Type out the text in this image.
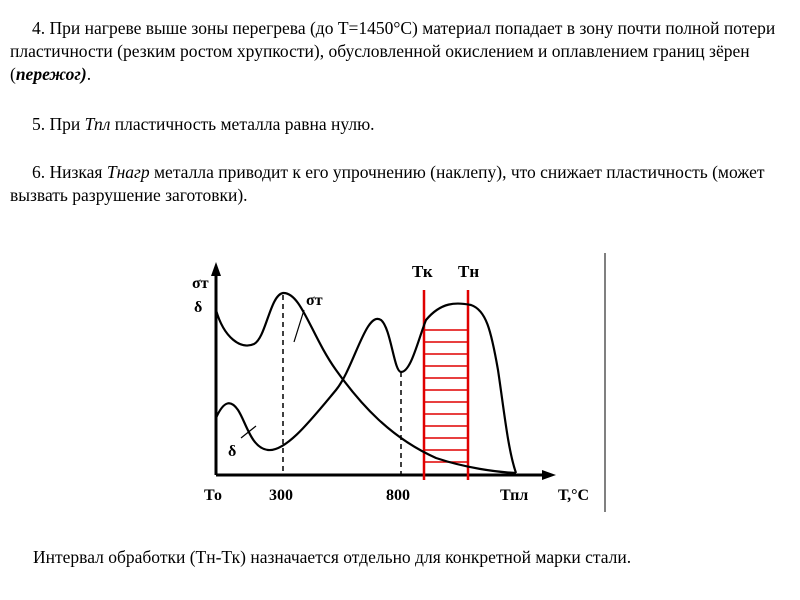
4. При нагреве выше зоны перегрева (до Т=1450°С) материал попадает в зону почти полной потери пластичности (резким ростом хрупкости), обусловленной окислением и оплавлением границ зёрен (пережог).

5. При Тпл пластичность металла равна нулю.

6. Низкая Тнагр металла приводит к его упрочнению (наклепу), что снижает пластичность (может вызвать разрушение заготовки).

σт
δ	σт
δ
Тк Тн
То	300	800	Тпл Т,°С

Интервал обработки (Тн-Тк) назначается отдельно для конкретной марки стали.
